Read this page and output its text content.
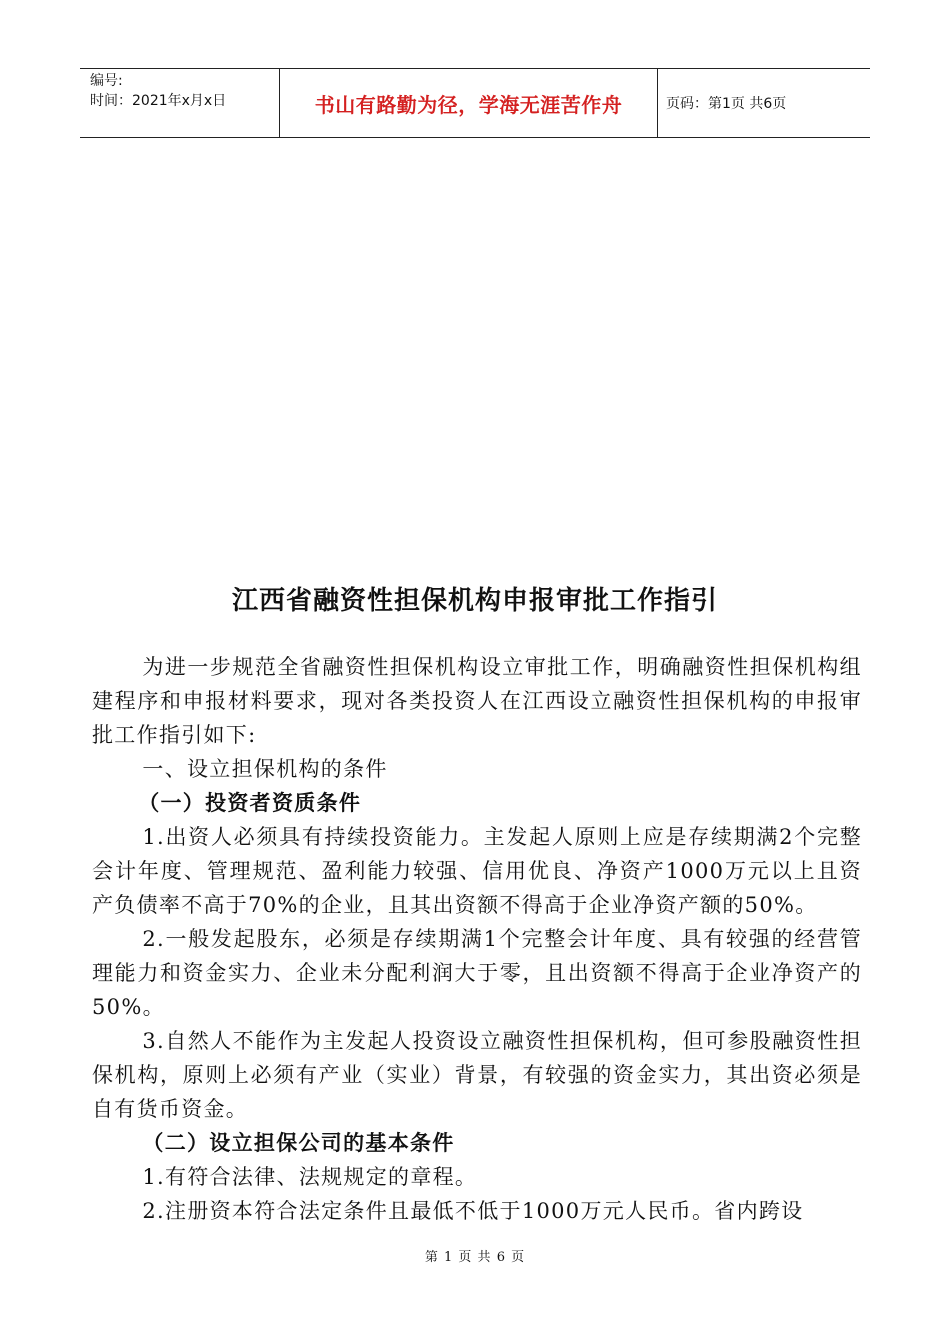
编号:
时间：2021年x月x日	书山有路勤为径，学海无涯苦作舟	页码：第1页 共6页
江西省融资性担保机构申报审批工作指引

为进一步规范全省融资性担保机构设立审批工作，明确融资性担保机构组建程序和申报材料要求，现对各类投资人在江西设立融资性担保机构的申报审批工作指引如下:

一、设立担保机构的条件

（一）投资者资质条件

1.出资人必须具有持续投资能力。主发起人原则上应是存续期满2个完整会计年度、管理规范、盈利能力较强、信用优良、净资产1000万元以上且资产负债率不高于70%的企业，且其出资额不得高于企业净资产额的50%。

2.一般发起股东，必须是存续期满1个完整会计年度、具有较强的经营管理能力和资金实力、企业未分配利润大于零，且出资额不得高于企业净资产的50%。

3.自然人不能作为主发起人投资设立融资性担保机构，但可参股融资性担保机构，原则上必须有产业（实业）背景，有较强的资金实力，其出资必须是自有货币资金。

（二）设立担保公司的基本条件

1.有符合法律、法规规定的章程。

2.注册资本符合法定条件且最低不低于1000万元人民币。省内跨设

第 1 页 共 6 页
